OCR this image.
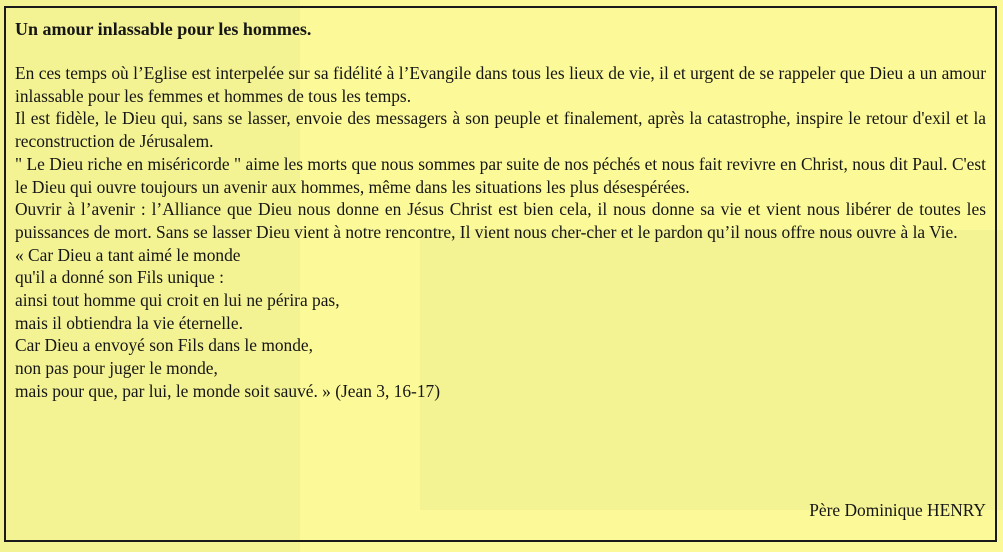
Un amour inlassable pour les hommes.

En ces temps où l’Eglise est interpelée sur sa fidélité à l’Evangile dans tous les lieux de vie, il et urgent de se rappeler que Dieu a un amour inlassable pour les femmes et hommes de tous les temps.

Il est fidèle, le Dieu qui, sans se lasser, envoie des messagers à son peuple et finalement, après la catastrophe, inspire le retour d'exil et la reconstruction de Jérusalem.

" Le Dieu riche en miséricorde " aime les morts que nous sommes par suite de nos péchés et nous fait revivre en Christ, nous dit Paul. C'est le Dieu qui ouvre toujours un avenir aux hommes, même dans les situations les plus désespérées.

Ouvrir à l’avenir : l’Alliance que Dieu nous donne en Jésus Christ est bien cela, il nous donne sa vie et vient nous libérer de toutes les puissances de mort. Sans se lasser Dieu vient à notre rencontre, Il vient nous cher-cher et le pardon qu’il nous offre nous ouvre à la Vie.

« Car Dieu a tant aimé le monde

qu'il a donné son Fils unique :

ainsi tout homme qui croit en lui ne périra pas,

mais il obtiendra la vie éternelle.

Car Dieu a envoyé son Fils dans le monde,

non pas pour juger le monde,

mais pour que, par lui, le monde soit sauvé. » (Jean 3, 16-17)

Père Dominique HENRY
